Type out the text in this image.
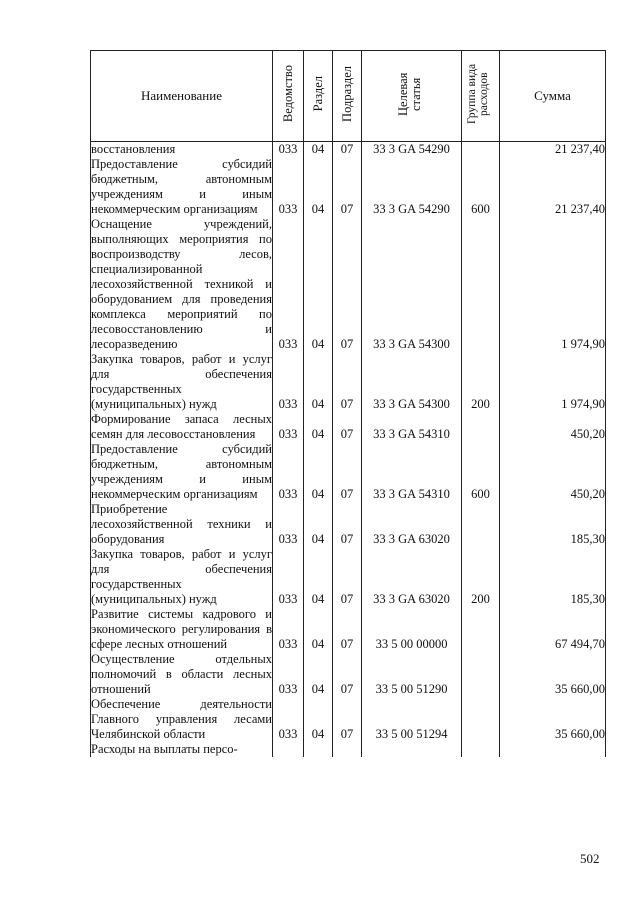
Наименование	Ведомство	Раздел	Подраздел	Целевая статья	Группа вида расходов	Сумма
восстановления	033	04	07	33 3 GA 54290		21 237,40
Предоставление субсидий бюджетным, автономным учреждениям и иным некоммерческим организациям	033	04	07	33 3 GA 54290	600	21 237,40
Оснащение учреждений, выполняющих мероприятия по воспроизводству лесов, специализированной лесохозяйственной техникой и оборудованием для проведения комплекса мероприятий по лесовосстановлению и лесоразведению	033	04	07	33 3 GA 54300		1 974,90
Закупка товаров, работ и услуг для обеспечения государственных (муниципальных) нужд	033	04	07	33 3 GA 54300	200	1 974,90
Формирование запаса лесных семян для лесовосстановления	033	04	07	33 3 GA 54310		450,20
Предоставление субсидий бюджетным, автономным учреждениям и иным некоммерческим организациям	033	04	07	33 3 GA 54310	600	450,20
Приобретение лесохозяйственной техники и оборудования	033	04	07	33 3 GA 63020		185,30
Закупка товаров, работ и услуг для обеспечения государственных (муниципальных) нужд	033	04	07	33 3 GA 63020	200	185,30
Развитие системы кадрового и экономического регулирования в сфере лесных отношений	033	04	07	33 5 00 00000		67 494,70
Осуществление отдельных полномочий в области лесных отношений	033	04	07	33 5 00 51290		35 660,00
Обеспечение деятельности Главного управления лесами Челябинской области	033	04	07	33 5 00 51294		35 660,00
Расходы на выплаты персо-						
502
